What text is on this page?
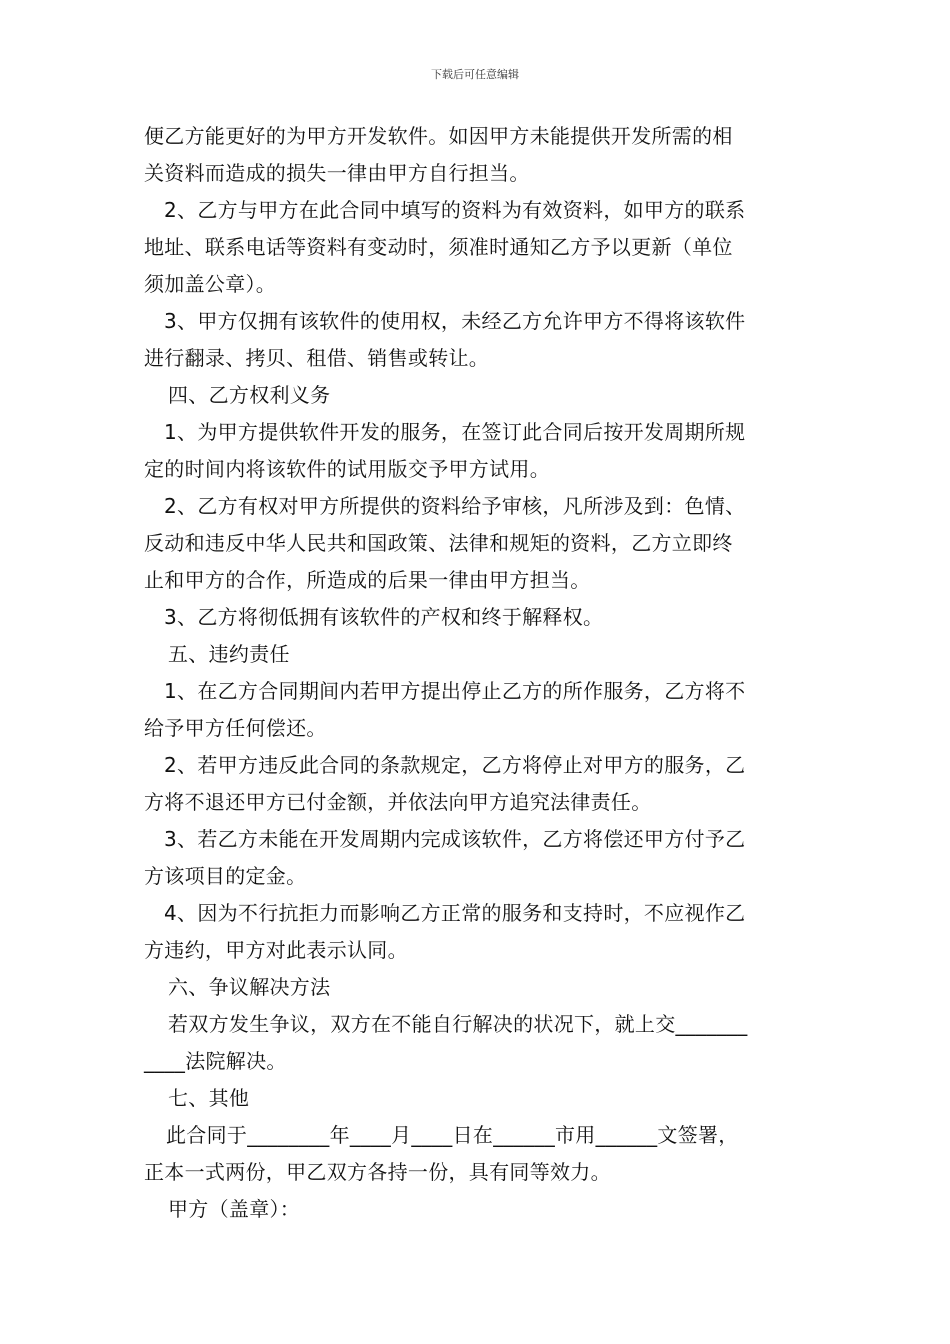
下载后可任意编辑
便乙方能更好的为甲方开发软件。如因甲方未能提供开发所需的相
关资料而造成的损失一律由甲方自行担当。
2、乙方与甲方在此合同中填写的资料为有效资料，如甲方的联系
地址、联系电话等资料有变动时，须准时通知乙方予以更新（单位
须加盖公章）。
3、甲方仅拥有该软件的使用权，未经乙方允许甲方不得将该软件
进行翻录、拷贝、租借、销售或转让。
四、乙方权利义务
1、为甲方提供软件开发的服务，在签订此合同后按开发周期所规
定的时间内将该软件的试用版交予甲方试用。
2、乙方有权对甲方所提供的资料给予审核，凡所涉及到：色情、
反动和违反中华人民共和国政策、法律和规矩的资料，乙方立即终
止和甲方的合作，所造成的后果一律由甲方担当。
3、乙方将彻低拥有该软件的产权和终于解释权。
五、违约责任
1、在乙方合同期间内若甲方提出停止乙方的所作服务，乙方将不
给予甲方任何偿还。
2、若甲方违反此合同的条款规定，乙方将停止对甲方的服务，乙
方将不退还甲方已付金额，并依法向甲方追究法律责任。
3、若乙方未能在开发周期内完成该软件，乙方将偿还甲方付予乙
方该项目的定金。
4、因为不行抗拒力而影响乙方正常的服务和支持时，不应视作乙
方违约，甲方对此表示认同。
六、争议解决方法
若双方发生争议，双方在不能自行解决的状况下，就上交_______
____法院解决。
七、其他
此合同于________年____月____日在______市用______文签署，
正本一式两份，甲乙双方各持一份，具有同等效力。
甲方（盖章）：
